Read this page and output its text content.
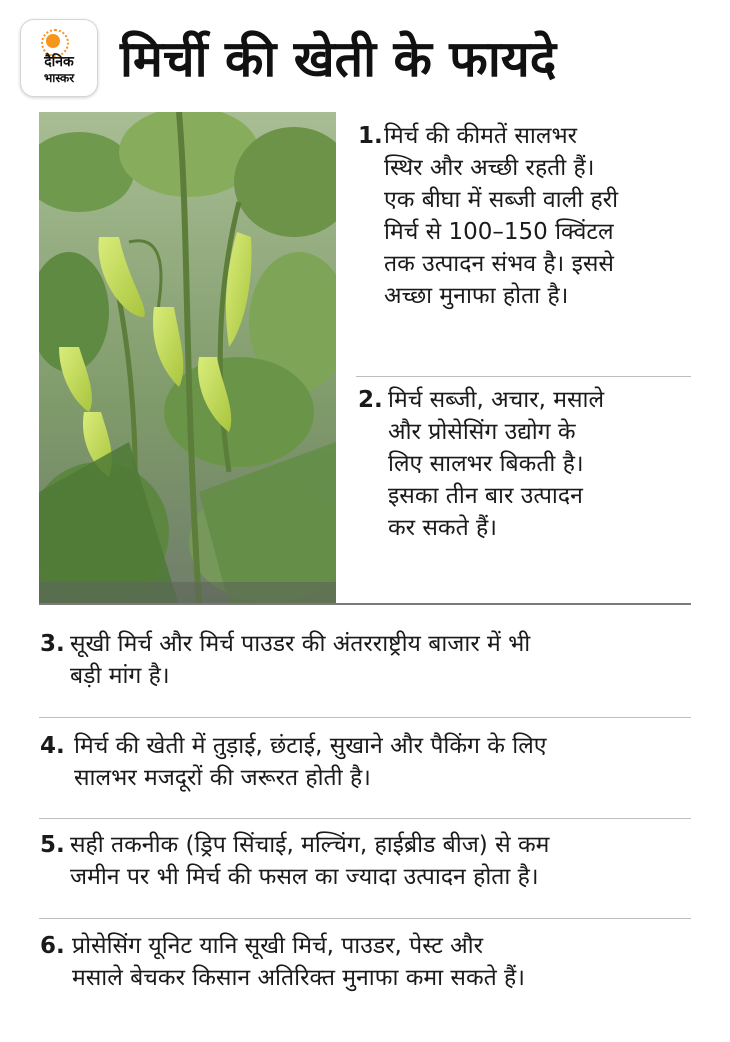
दैनिक
भास्कर मिर्ची की खेती के फायदे
1. मिर्च की कीमतें सालभर
स्थिर और अच्छी रहती हैं।
एक बीघा में सब्जी वाली हरी
मिर्च से 100–150 क्विंटल
तक उत्पादन संभव है। इससे
अच्छा मुनाफा होता है।
2. मिर्च सब्जी, अचार, मसाले
और प्रोसेसिंग उद्योग के
लिए सालभर बिकती है।
इसका तीन बार उत्पादन
कर सकते हैं।
3. सूखी मिर्च और मिर्च पाउडर की अंतरराष्ट्रीय बाजार में भी
बड़ी मांग है।
4. मिर्च की खेती में तुड़ाई, छंटाई, सुखाने और पैकिंग के लिए
सालभर मजदूरों की जरूरत होती है।
5. सही तकनीक (ड्रिप सिंचाई, मल्चिंग, हाईब्रीड बीज) से कम
जमीन पर भी मिर्च की फसल का ज्यादा उत्पादन होता है।
6. प्रोसेसिंग यूनिट यानि सूखी मिर्च, पाउडर, पेस्ट और
मसाले बेचकर किसान अतिरिक्त मुनाफा कमा सकते हैं।
